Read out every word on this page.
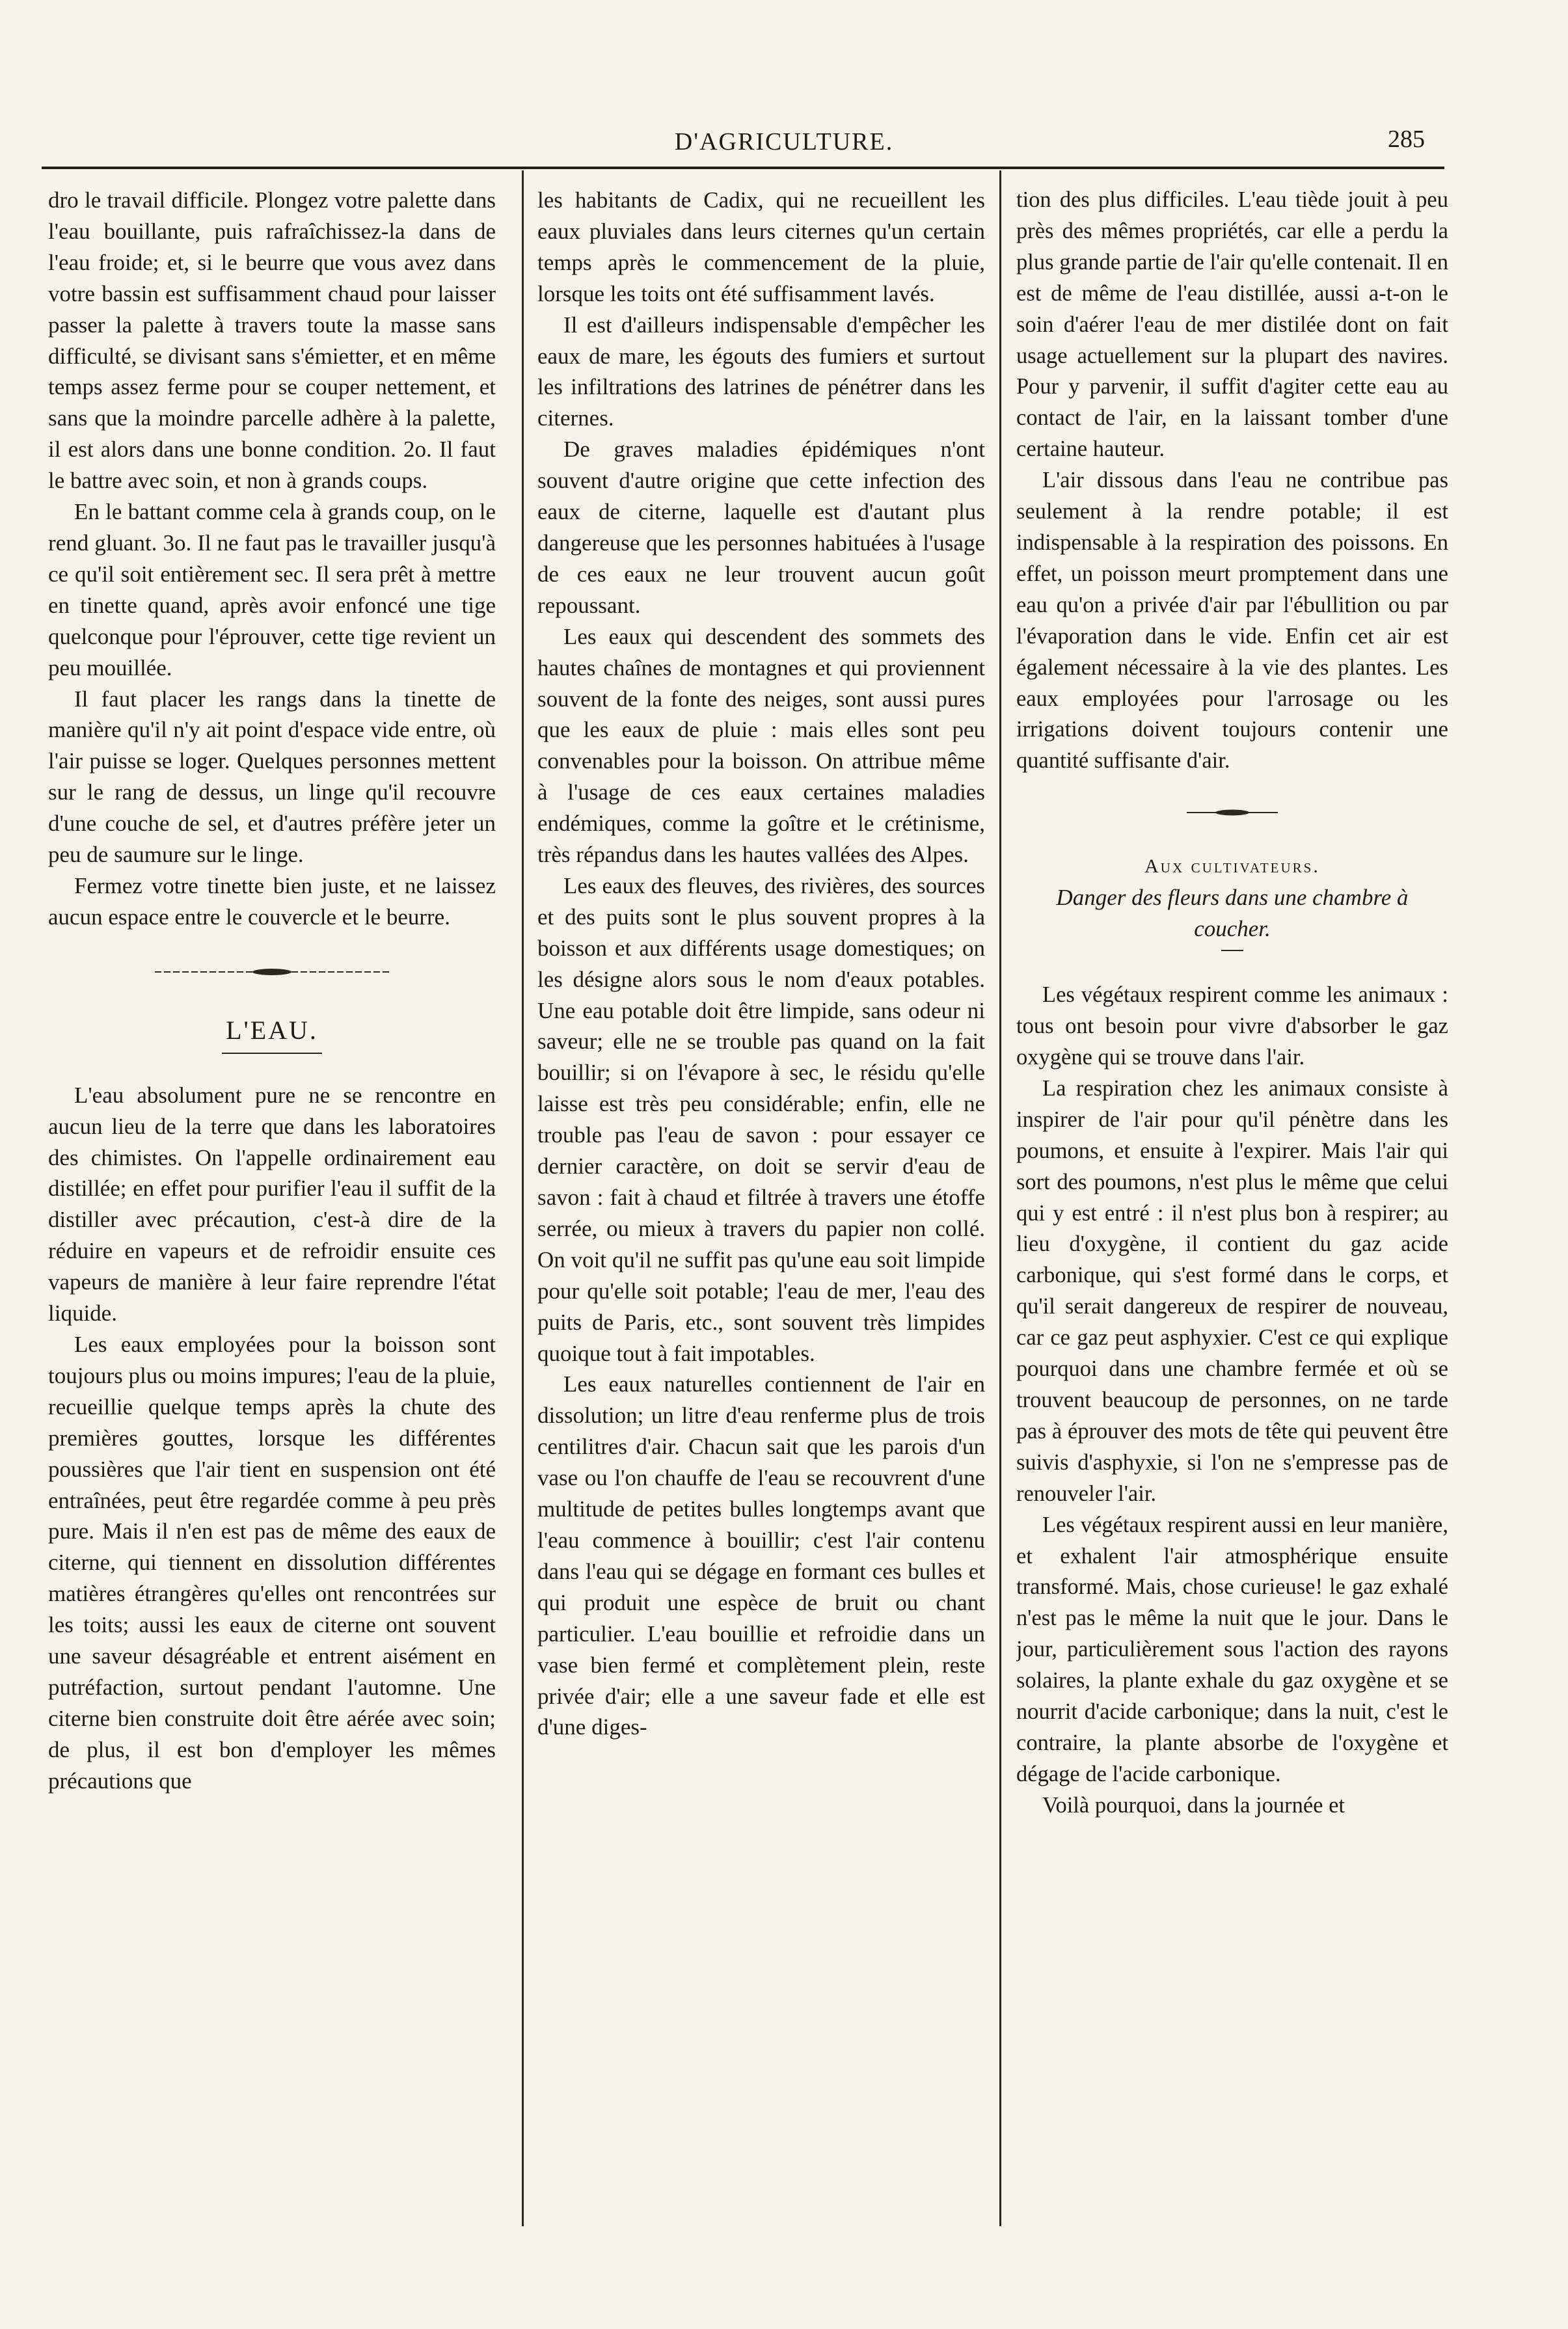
D'AGRICULTURE.	285

dro le travail difficile. Plongez votre palette dans l'eau bouillante, puis rafraîchissez-la dans de l'eau froide; et, si le beurre que vous avez dans votre bassin est suffisamment chaud pour laisser passer la palette à travers toute la masse sans difficulté, se divisant sans s'émietter, et en même temps assez ferme pour se couper nettement, et sans que la moindre parcelle adhère à la palette, il est alors dans une bonne condition. 2o. Il faut le battre avec soin, et non à grands coups.

En le battant comme cela à grands coup, on le rend gluant. 3o. Il ne faut pas le travailler jusqu'à ce qu'il soit entièrement sec. Il sera prêt à mettre en tinette quand, après avoir enfoncé une tige quelconque pour l'éprouver, cette tige revient un peu mouillée.

Il faut placer les rangs dans la tinette de manière qu'il n'y ait point d'espace vide entre, où l'air puisse se loger. Quelques personnes mettent sur le rang de dessus, un linge qu'il recouvre d'une couche de sel, et d'autres préfère jeter un peu de saumure sur le linge.

Fermez votre tinette bien juste, et ne laissez aucun espace entre le couvercle et le beurre.

L'EAU.

L'eau absolument pure ne se rencontre en aucun lieu de la terre que dans les laboratoires des chimistes. On l'appelle ordinairement eau distillée; en effet pour purifier l'eau il suffit de la distiller avec précaution, c'est-à dire de la réduire en vapeurs et de refroidir ensuite ces vapeurs de manière à leur faire reprendre l'état liquide.

Les eaux employées pour la boisson sont toujours plus ou moins impures; l'eau de la pluie, recueillie quelque temps après la chute des premières gouttes, lorsque les différentes poussières que l'air tient en suspension ont été entraînées, peut être regardée comme à peu près pure. Mais il n'en est pas de même des eaux de citerne, qui tiennent en dissolution différentes matières étrangères qu'elles ont rencontrées sur les toits; aussi les eaux de citerne ont souvent une saveur désagréable et entrent aisément en putréfaction, surtout pendant l'automne. Une citerne bien construite doit être aérée avec soin; de plus, il est bon d'employer les mêmes précautions que

les habitants de Cadix, qui ne recueillent les eaux pluviales dans leurs citernes qu'un certain temps après le commencement de la pluie, lorsque les toits ont été suffisamment lavés.

Il est d'ailleurs indispensable d'empêcher les eaux de mare, les égouts des fumiers et surtout les infiltrations des latrines de pénétrer dans les citernes.

De graves maladies épidémiques n'ont souvent d'autre origine que cette infection des eaux de citerne, laquelle est d'autant plus dangereuse que les personnes habituées à l'usage de ces eaux ne leur trouvent aucun goût repoussant.

Les eaux qui descendent des sommets des hautes chaînes de montagnes et qui proviennent souvent de la fonte des neiges, sont aussi pures que les eaux de pluie : mais elles sont peu convenables pour la boisson. On attribue même à l'usage de ces eaux certaines maladies endémiques, comme la goître et le crétinisme, très répandus dans les hautes vallées des Alpes.

Les eaux des fleuves, des rivières, des sources et des puits sont le plus souvent propres à la boisson et aux différents usage domestiques; on les désigne alors sous le nom d'eaux potables. Une eau potable doit être limpide, sans odeur ni saveur; elle ne se trouble pas quand on la fait bouillir; si on l'évapore à sec, le résidu qu'elle laisse est très peu considérable; enfin, elle ne trouble pas l'eau de savon : pour essayer ce dernier caractère, on doit se servir d'eau de savon : fait à chaud et filtrée à travers une étoffe serrée, ou mieux à travers du papier non collé. On voit qu'il ne suffit pas qu'une eau soit limpide pour qu'elle soit potable; l'eau de mer, l'eau des puits de Paris, etc., sont souvent très limpides quoique tout à fait impotables.

Les eaux naturelles contiennent de l'air en dissolution; un litre d'eau renferme plus de trois centilitres d'air. Chacun sait que les parois d'un vase ou l'on chauffe de l'eau se recouvrent d'une multitude de petites bulles longtemps avant que l'eau commence à bouillir; c'est l'air contenu dans l'eau qui se dégage en formant ces bulles et qui produit une espèce de bruit ou chant particulier. L'eau bouillie et refroidie dans un vase bien fermé et complètement plein, reste privée d'air; elle a une saveur fade et elle est d'une diges-

tion des plus difficiles. L'eau tiède jouit à peu près des mêmes propriétés, car elle a perdu la plus grande partie de l'air qu'elle contenait. Il en est de même de l'eau distillée, aussi a-t-on le soin d'aérer l'eau de mer distilée dont on fait usage actuellement sur la plupart des navires. Pour y parvenir, il suffit d'agiter cette eau au contact de l'air, en la laissant tomber d'une certaine hauteur.

L'air dissous dans l'eau ne contribue pas seulement à la rendre potable; il est indispensable à la respiration des poissons. En effet, un poisson meurt promptement dans une eau qu'on a privée d'air par l'ébullition ou par l'évaporation dans le vide. Enfin cet air est également nécessaire à la vie des plantes. Les eaux employées pour l'arrosage ou les irrigations doivent toujours contenir une quantité suffisante d'air.

Aux cultivateurs.
Danger des fleurs dans une chambre à coucher.

Les végétaux respirent comme les animaux : tous ont besoin pour vivre d'absorber le gaz oxygène qui se trouve dans l'air.

La respiration chez les animaux consiste à inspirer de l'air pour qu'il pénètre dans les poumons, et ensuite à l'expirer. Mais l'air qui sort des poumons, n'est plus le même que celui qui y est entré : il n'est plus bon à respirer; au lieu d'oxygène, il contient du gaz acide carbonique, qui s'est formé dans le corps, et qu'il serait dangereux de respirer de nouveau, car ce gaz peut asphyxier. C'est ce qui explique pourquoi dans une chambre fermée et où se trouvent beaucoup de personnes, on ne tarde pas à éprouver des mots de tête qui peuvent être suivis d'asphyxie, si l'on ne s'empresse pas de renouveler l'air.

Les végétaux respirent aussi en leur manière, et exhalent l'air atmosphérique ensuite transformé. Mais, chose curieuse! le gaz exhalé n'est pas le même la nuit que le jour. Dans le jour, particulièrement sous l'action des rayons solaires, la plante exhale du gaz oxygène et se nourrit d'acide carbonique; dans la nuit, c'est le contraire, la plante absorbe de l'oxygène et dégage de l'acide carbonique.

Voilà pourquoi, dans la journée et
